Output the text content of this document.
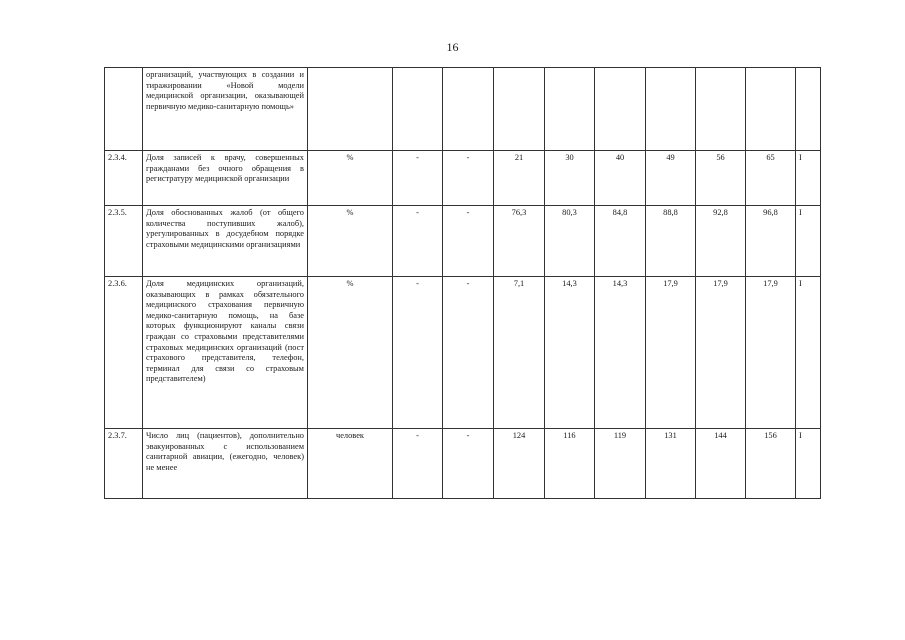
16
	организаций, участвующих в создании и тиражировании «Новой модели медицинской организации, оказывающей первичную медико-санитарную помощь»										
2.3.4.	Доля записей к врачу, совершенных гражданами без очного обращения в регистратуру медицинской организации	%	-	-	21	30	40	49	56	65	I
2.3.5.	Доля обоснованных жалоб (от общего количества поступивших жалоб), урегулированных в досудебном порядке страховыми медицинскими организациями	%	-	-	76,3	80,3	84,8	88,8	92,8	96,8	I
2.3.6.	Доля медицинских организаций, оказывающих в рамках обязательного медицинского страхования первичную медико-санитарную помощь, на базе которых функционируют каналы связи граждан со страховыми представителями страховых медицинских организаций (пост страхового представителя, телефон, терминал для связи со страховым представителем)	%	-	-	7,1	14,3	14,3	17,9	17,9	17,9	I
2.3.7.	Число лиц (пациентов), дополнительно эвакуированных с использованием санитарной авиации, (ежегодно, человек) не менее	человек	-	-	124	116	119	131	144	156	I
